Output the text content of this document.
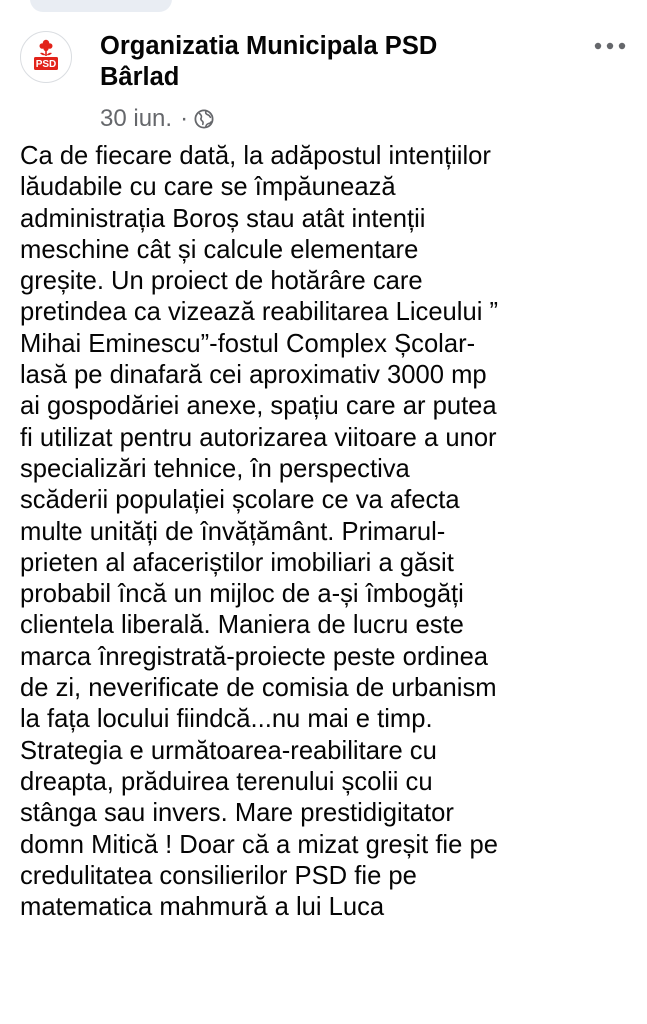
PSD
Organizatia Municipala PSD
Bârlad
30 iun. ·

Ca de fiecare dată, la adăpostul intențiilor
lăudabile cu care se împăunează
administrația Boroș stau atât intenții
meschine cât și calcule elementare
greșite. Un proiect de hotărâre care
pretindea ca vizează reabilitarea Liceului ”
Mihai Eminescu”-fostul Complex Școlar-
lasă pe dinafară cei aproximativ 3000 mp
ai gospodăriei anexe, spațiu care ar putea
fi utilizat pentru autorizarea viitoare a unor
specializări tehnice, în perspectiva
scăderii populației școlare ce va afecta
multe unități de învățământ. Primarul-
prieten al afaceriștilor imobiliari a găsit
probabil încă un mijloc de a-și îmbogăți
clientela liberală. Maniera de lucru este
marca înregistrată-proiecte peste ordinea
de zi, neverificate de comisia de urbanism
la fața locului fiindcă...nu mai e timp.
Strategia e următoarea-reabilitare cu
dreapta, prăduirea terenului școlii cu
stânga sau invers. Mare prestidigitator
domn Mitică ! Doar că a mizat greșit fie pe
credulitatea consilierilor PSD fie pe
matematica mahmură a lui Luca
